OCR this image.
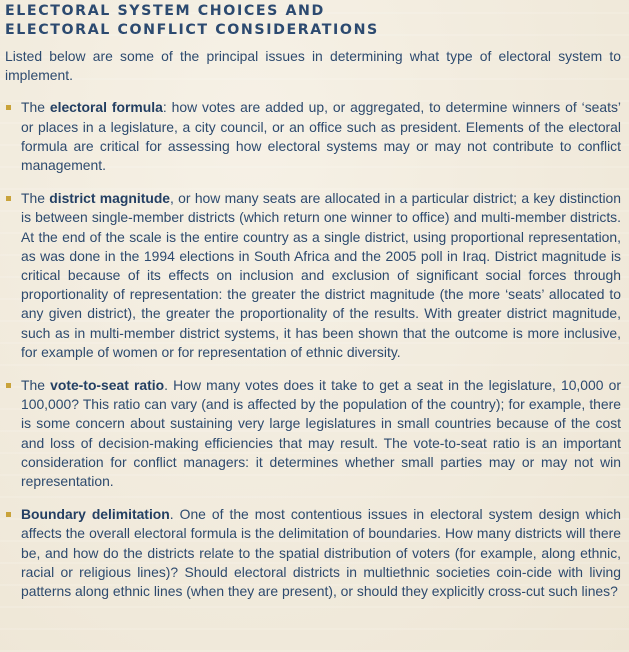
ELECTORAL SYSTEM CHOICES AND ELECTORAL CONFLICT CONSIDERATIONS

Listed below are some of the principal issues in determining what type of electoral system to implement.

The electoral formula: how votes are added up, or aggregated, to determine winners of ‘seats’ or places in a legislature, a city council, or an office such as president. Elements of the electoral formula are critical for assessing how electoral systems may or may not contribute to conflict management.
The district magnitude, or how many seats are allocated in a particular district; a key distinction is between single-member districts (which return one winner to office) and multi-member districts. At the end of the scale is the entire country as a single district, using proportional representation, as was done in the 1994 elections in South Africa and the 2005 poll in Iraq. District magnitude is critical because of its effects on inclusion and exclusion of significant social forces through proportionality of representation: the greater the district magnitude (the more ‘seats’ allocated to any given district), the greater the proportionality of the results. With greater district magnitude, such as in multi-member district systems, it has been shown that the outcome is more inclusive, for example of women or for representation of ethnic diversity.
The vote-to-seat ratio. How many votes does it take to get a seat in the legislature, 10,000 or 100,000? This ratio can vary (and is affected by the population of the country); for example, there is some concern about sustaining very large legislatures in small countries because of the cost and loss of decision-making efficiencies that may result. The vote-to-seat ratio is an important consideration for conflict managers: it determines whether small parties may or may not win representation.
Boundary delimitation. One of the most contentious issues in electoral system design which affects the overall electoral formula is the delimitation of boundaries. How many districts will there be, and how do the districts relate to the spatial distribution of voters (for example, along ethnic, racial or religious lines)? Should electoral districts in multiethnic societies coin-cide with living patterns along ethnic lines (when they are present), or should they explicitly cross-cut such lines?
